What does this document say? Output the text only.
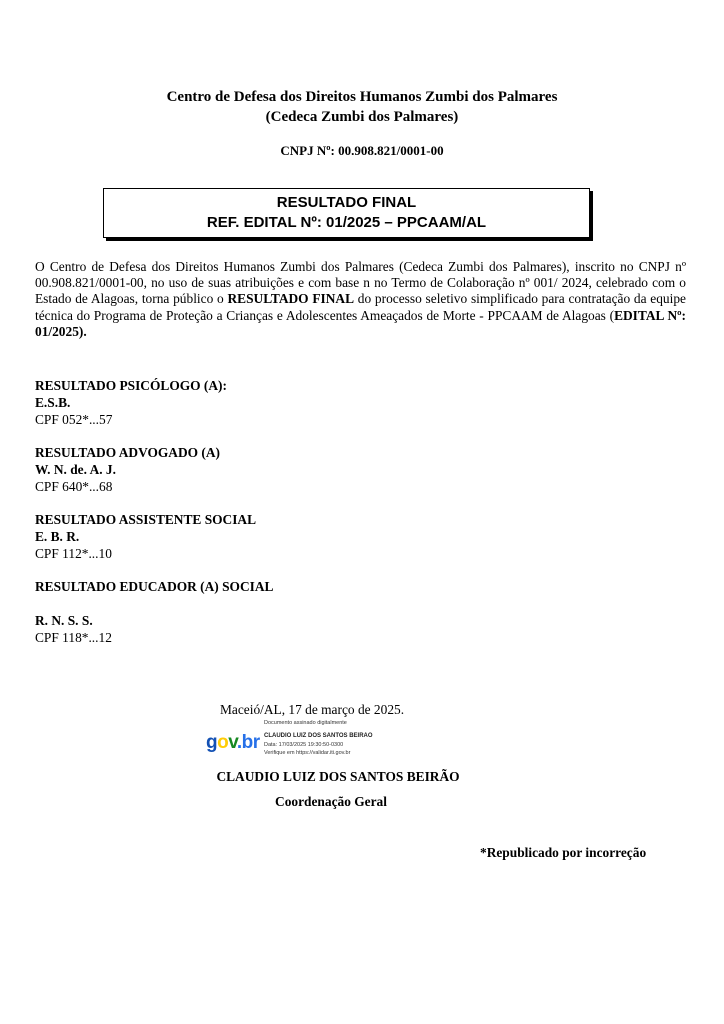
Centro de Defesa dos Direitos Humanos Zumbi dos Palmares
(Cedeca Zumbi dos Palmares)
CNPJ Nº: 00.908.821/0001-00
RESULTADO FINAL
REF. EDITAL Nº: 01/2025 – PPCAAM/AL

O Centro de Defesa dos Direitos Humanos Zumbi dos Palmares (Cedeca Zumbi dos Palmares), inscrito no CNPJ nº 00.908.821/0001-00, no uso de suas atribuições e com base n no Termo de Colaboração nº 001/ 2024, celebrado com o Estado de Alagoas, torna público o RESULTADO FINAL do processo seletivo simplificado para contratação da equipe técnica do Programa de Proteção a Crianças e Adolescentes Ameaçados de Morte - PPCAAM de Alagoas (EDITAL Nº: 01/2025).

RESULTADO PSICÓLOGO (A):
E.S.B.
CPF 052*...57
RESULTADO ADVOGADO (A)
W. N. de. A. J.
CPF 640*...68
RESULTADO ASSISTENTE SOCIAL
E. B. R.
CPF 112*...10
RESULTADO EDUCADOR (A) SOCIAL
R. N. S. S.
CPF 118*...12
Maceió/AL, 17 de março de 2025.
gov.br
Documento assinado digitalmente
CLAUDIO LUIZ DOS SANTOS BEIRAO
Data: 17/03/2025 19:30:50-0300
Verifique em https://validar.iti.gov.br
CLAUDIO LUIZ DOS SANTOS BEIRÃO
Coordenação Geral
*Republicado por incorreção
